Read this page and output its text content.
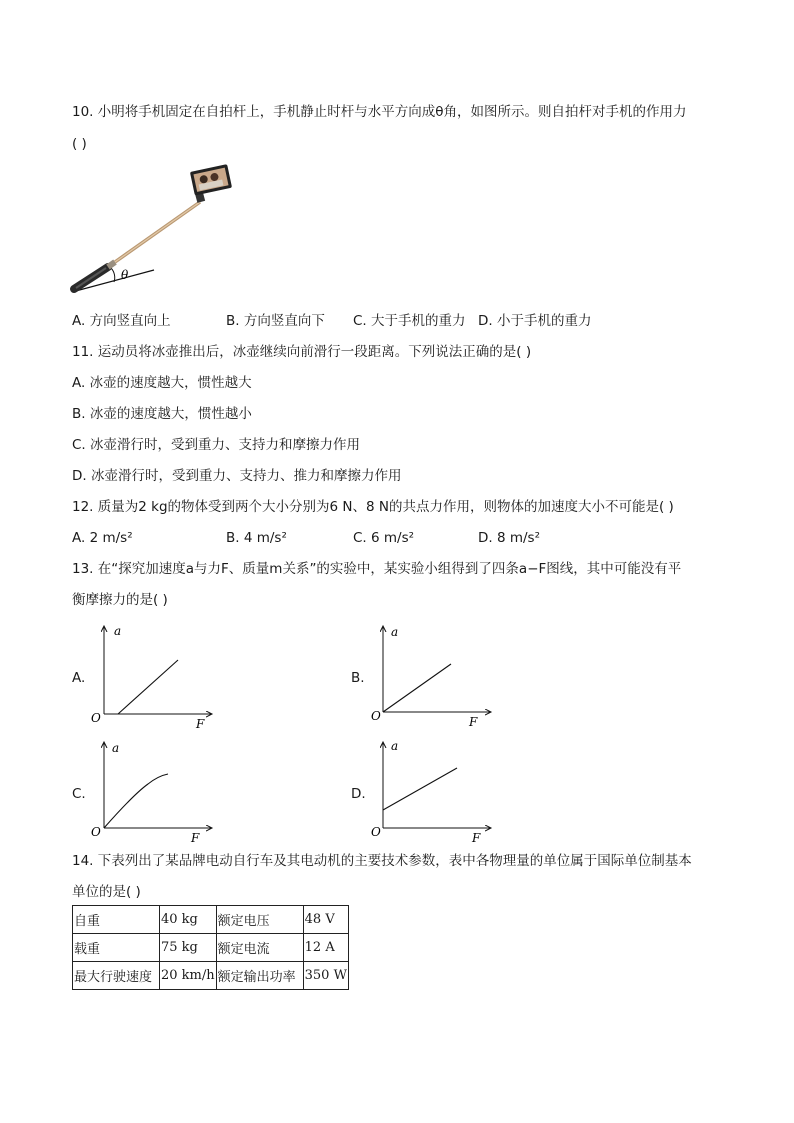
10. 小明将手机固定在自拍杆上，手机静止时杆与水平方向成θ角，如图所示。则自拍杆对手机的作用力
( )
θ
A. 方向竖直向上	B. 方向竖直向下 C. 大于手机的重力 D. 小于手机的重力
11. 运动员将冰壶推出后，冰壶继续向前滑行一段距离。下列说法正确的是( )
A. 冰壶的速度越大，惯性越大
B. 冰壶的速度越大，惯性越小
C. 冰壶滑行时，受到重力、支持力和摩擦力作用
D. 冰壶滑行时，受到重力、支持力、推力和摩擦力作用
12. 质量为2 kg的物体受到两个大小分别为6 N、8 N的共点力作用，则物体的加速度大小不可能是( )
A. 2 m/s²	B. 4 m/s²	C. 6 m/s²	D. 8 m/s²
13. 在“探究加速度a与力F、质量m关系”的实验中，某实验小组得到了四条a−F图线，其中可能没有平
衡摩擦力的是( )
A.
a
F
O
B.
a
F
O
C.
a
F
O
D.
a
F
O
14. 下表列出了某品牌电动自行车及其电动机的主要技术参数，表中各物理量的单位属于国际单位制基本
单位的是( )
自重	40 kg	额定电压	48 V
载重	75 kg	额定电流	12 A
最大行驶速度	20 km/h	额定输出功率	350 W
